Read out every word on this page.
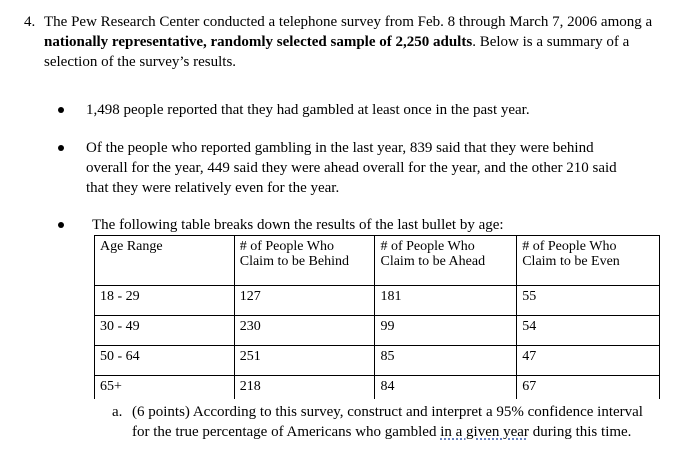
4. The Pew Research Center conducted a telephone survey from Feb. 8 through March 7, 2006 among a nationally representative, randomly selected sample of 2,250 adults. Below is a summary of a selection of the survey’s results.
1,498 people reported that they had gambled at least once in the past year.
Of the people who reported gambling in the last year, 839 said that they were behind overall for the year, 449 said they were ahead overall for the year, and the other 210 said that they were relatively even for the year.
The following table breaks down the results of the last bullet by age:
Age Range	# of People Who Claim to be Behind	# of People Who Claim to be Ahead	# of People Who Claim to be Even
18 - 29	127	181	55
30 - 49	230	99	54
50 - 64	251	85	47
65+	218	84	67
a. (6 points) According to this survey, construct and interpret a 95% confidence interval for the true percentage of Americans who gambled in a given year during this time.
